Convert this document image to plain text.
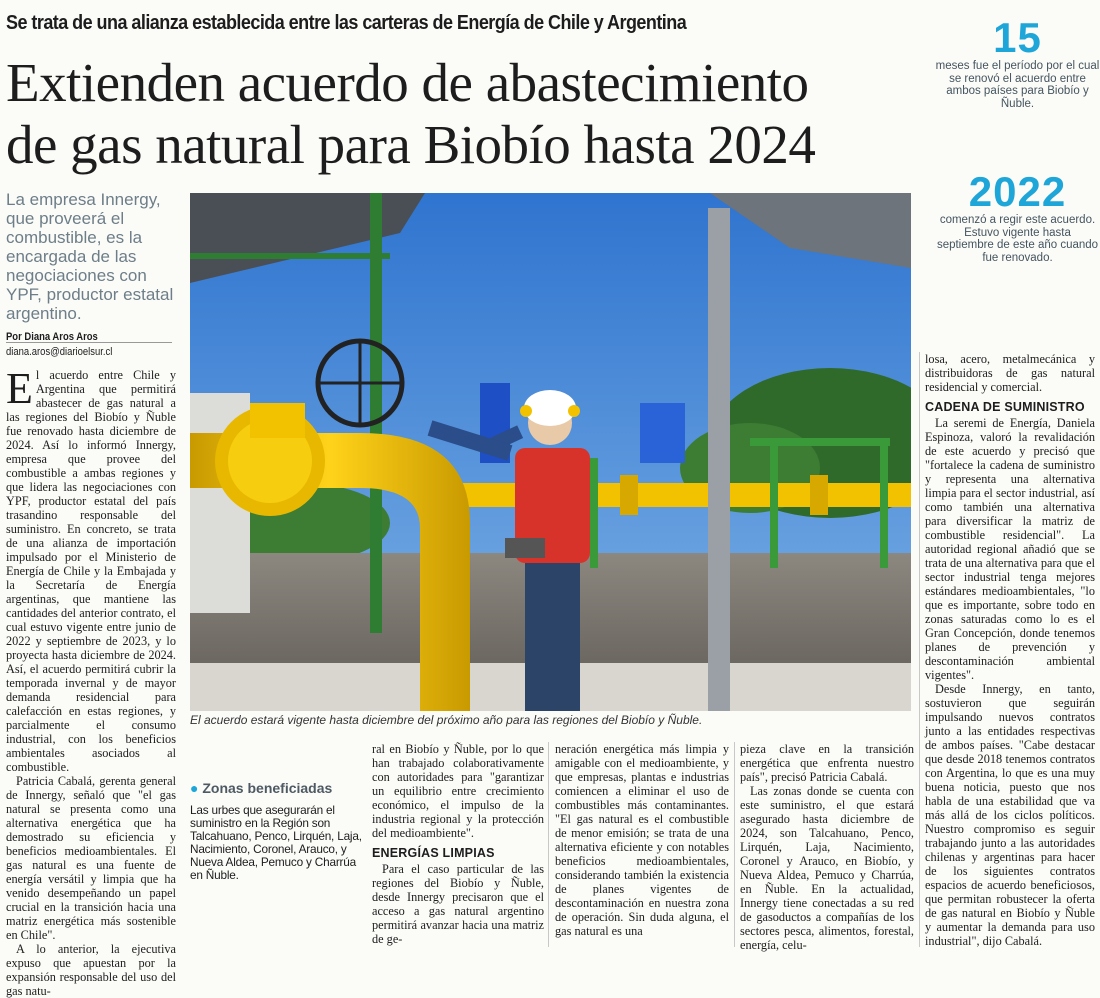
Se trata de una alianza establecida entre las carteras de Energía de Chile y Argentina
Extienden acuerdo de abastecimiento
de gas natural para Biobío hasta 2024
15
meses fue el período por el cual se renovó el acuerdo entre ambos países para Biobío y Ñuble.
2022
comenzó a regir este acuerdo. Estuvo vigente hasta septiembre de este año cuando fue renovado.
La empresa Innergy, que proveerá el combustible, es la encargada de las negociaciones con YPF, productor estatal argentino.
Por Diana Aros Aros
diana.aros@diarioelsur.cl
El acuerdo estará vigente hasta diciembre del próximo año para las regiones del Biobío y Ñuble.

El acuerdo entre Chile y Argentina que permitirá abastecer de gas natural a las regiones del Biobío y Ñuble fue renovado hasta diciembre de 2024. Así lo informó Innergy, empresa que provee del combustible a ambas regiones y que lidera las negociaciones con YPF, productor estatal del país trasandino responsable del suministro. En concreto, se trata de una alianza de importación impulsado por el Ministerio de Energía de Chile y la Embajada y la Secretaría de Energía argentinas, que mantiene las cantidades del anterior contrato, el cual estuvo vigente entre junio de 2022 y septiembre de 2023, y lo proyecta hasta diciembre de 2024. Así, el acuerdo permitirá cubrir la temporada invernal y de mayor demanda residencial para calefacción en estas regiones, y parcialmente el consumo industrial, con los beneficios ambientales asociados al combustible.

Patricia Cabalá, gerenta general de Innergy, señaló que "el gas natural se presenta como una alternativa energética que ha demostrado su eficiencia y beneficios medioambientales. El gas natural es una fuente de energía versátil y limpia que ha venido desempeñando un papel crucial en la transición hacia una matriz energética más sostenible en Chile".

A lo anterior, la ejecutiva expuso que apuestan por la expansión responsable del uso del gas natu-

● Zonas beneficiadas
Las urbes que asegurarán el suministro en la Región son Talcahuano, Penco, Lirquén, Laja, Nacimiento, Coronel, Arauco, y Nueva Aldea, Pemuco y Charrúa en Ñuble.

ral en Biobío y Ñuble, por lo que han trabajado colaborativamente con autoridades para "garantizar un equilibrio entre crecimiento económico, el impulso de la industria regional y la protección del medioambiente".

ENERGÍAS LIMPIAS

Para el caso particular de las regiones del Biobío y Ñuble, desde Innergy precisaron que el acceso a gas natural argentino permitirá avanzar hacia una matriz de ge-

neración energética más limpia y amigable con el medioambiente, y que empresas, plantas e industrias comiencen a eliminar el uso de combustibles más contaminantes. "El gas natural es el combustible de menor emisión; se trata de una alternativa eficiente y con notables beneficios medioambientales, considerando también la existencia de planes vigentes de descontaminación en nuestra zona de operación. Sin duda alguna, el gas natural es una

pieza clave en la transición energética que enfrenta nuestro país", precisó Patricia Cabalá.

Las zonas donde se cuenta con este suministro, el que estará asegurado hasta diciembre de 2024, son Talcahuano, Penco, Lirquén, Laja, Nacimiento, Coronel y Arauco, en Biobío, y Nueva Aldea, Pemuco y Charrúa, en Ñuble. En la actualidad, Innergy tiene conectadas a su red de gasoductos a compañías de los sectores pesca, alimentos, forestal, energía, celu-

losa, acero, metalmecánica y distribuidoras de gas natural residencial y comercial.

CADENA DE SUMINISTRO

La seremi de Energía, Daniela Espinoza, valoró la revalidación de este acuerdo y precisó que "fortalece la cadena de suministro y representa una alternativa limpia para el sector industrial, así como también una alternativa para diversificar la matriz de combustible residencial". La autoridad regional añadió que se trata de una alternativa para que el sector industrial tenga mejores estándares medioambientales, "lo que es importante, sobre todo en zonas saturadas como lo es el Gran Concepción, donde tenemos planes de prevención y descontaminación ambiental vigentes".

Desde Innergy, en tanto, sostuvieron que seguirán impulsando nuevos contratos junto a las entidades respectivas de ambos países. "Cabe destacar que desde 2018 tenemos contratos con Argentina, lo que es una muy buena noticia, puesto que nos habla de una estabilidad que va más allá de los ciclos políticos. Nuestro compromiso es seguir trabajando junto a las autoridades chilenas y argentinas para hacer de los siguientes contratos espacios de acuerdo beneficiosos, que permitan robustecer la oferta de gas natural en Biobío y Ñuble y aumentar la demanda para uso industrial", dijo Cabalá.
